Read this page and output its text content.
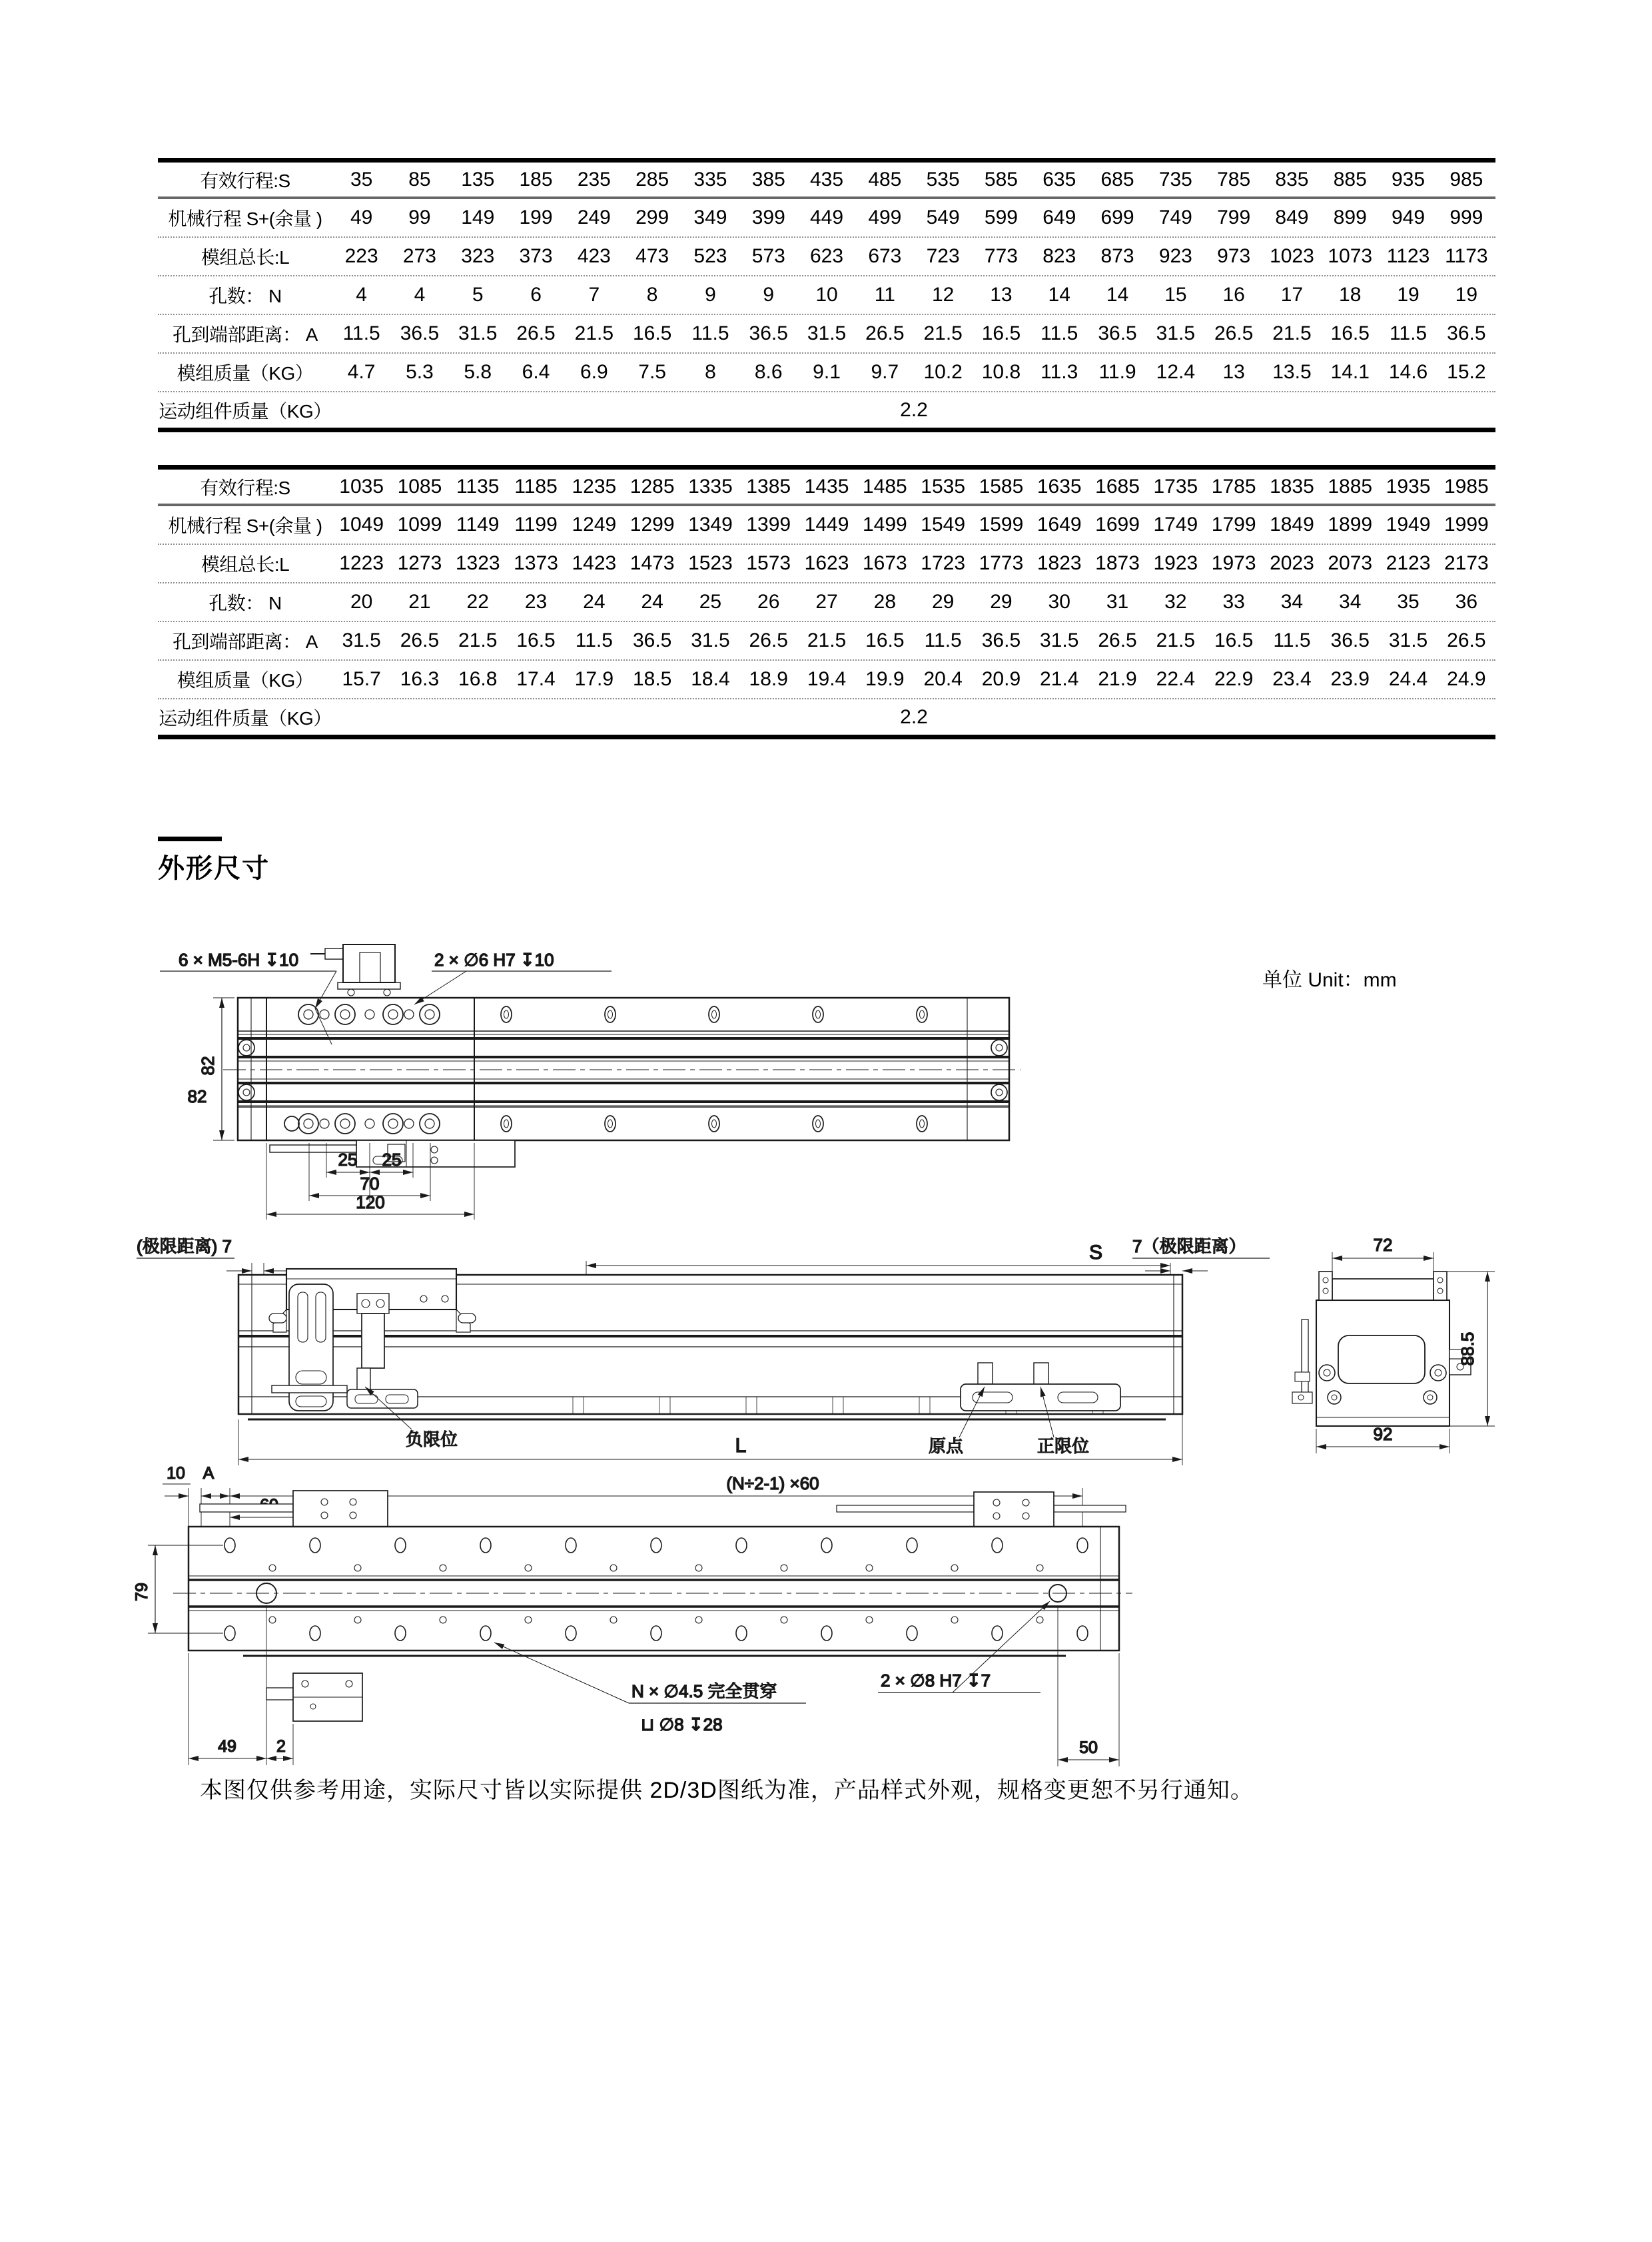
有效行程:S	35	85	135	185	235	285	335	385	435	485	535	585	635	685	735	785	835	885	935	985
机械行程 S+(余量 )	49	99	149	199	249	299	349	399	449	499	549	599	649	699	749	799	849	899	949	999
模组总长:L	223	273	323	373	423	473	523	573	623	673	723	773	823	873	923	973 1023 1073 1123 1173
孔数： N	4	4	5	6	7	8	9	9	10	11	12	13	14	14	15	16	17	18	19	19
孔到端部距离： A	11.5	36.5 31.5 26.5 21.5 16.5	11.5	36.5 31.5 26.5 21.5 16.5	11.5	36.5 31.5 26.5 21.5 16.5	11.5	36.5
模组质量（KG）	4.7	5.3	5.8	6.4	6.9	7.5	8	8.6	9.1	9.7	10.2 10.8	11.3	11.9	12.4	13	13.5 14.1 14.6 15.2
运动组件质量（KG）	2.2
有效行程:S	1035 1085 1135 1185 1235 1285 1335 1385 1435 1485 1535 1585 1635 1685 1735 1785 1835 1885 1935 1985
机械行程 S+(余量 ) 1049 1099 1149 1199 1249 1299 1349 1399 1449 1499 1549 1599 1649 1699 1749 1799 1849 1899 1949 1999
模组总长:L	1223 1273 1323 1373 1423 1473 1523 1573 1623 1673 1723 1773 1823 1873 1923 1973 2023 2073 2123 2173
孔数： N	20	21	22	23	24	24	25	26	27	28	29	29	30	31	32	33	34	34	35	36
孔到端部距离： A	31.5 26.5 21.5 16.5	11.5	36.5 31.5 26.5 21.5 16.5	11.5	36.5 31.5 26.5 21.5 16.5	11.5	36.5 31.5 26.5
模组质量（KG）	15.7 16.3 16.8 17.4 17.9 18.5 18.4 18.9 19.4 19.9 20.4 20.9 21.4 21.9 22.4 22.9 23.4 23.9 24.4 24.9
运动组件质量（KG）	2.2
外形尺寸
单位 Unit：mm
6 × M5-6H ↧10	2 × ∅6 H7 ↧10
82
82
25 25
70
120
(极限距离) 7	S 7（极限距离）
负限位	原点	正限位
L
72
88.5
92
10 A	(N÷2-1) ×60
79
N × ∅4.5 完全贯穿
⊔ ∅8 ↧28
2 × ∅8 H7 ↧7
49 2	50
本图仅供参考用途，实际尺寸皆以实际提供 2D/3D图纸为准，产品样式外观，规格变更恕不另行通知。
